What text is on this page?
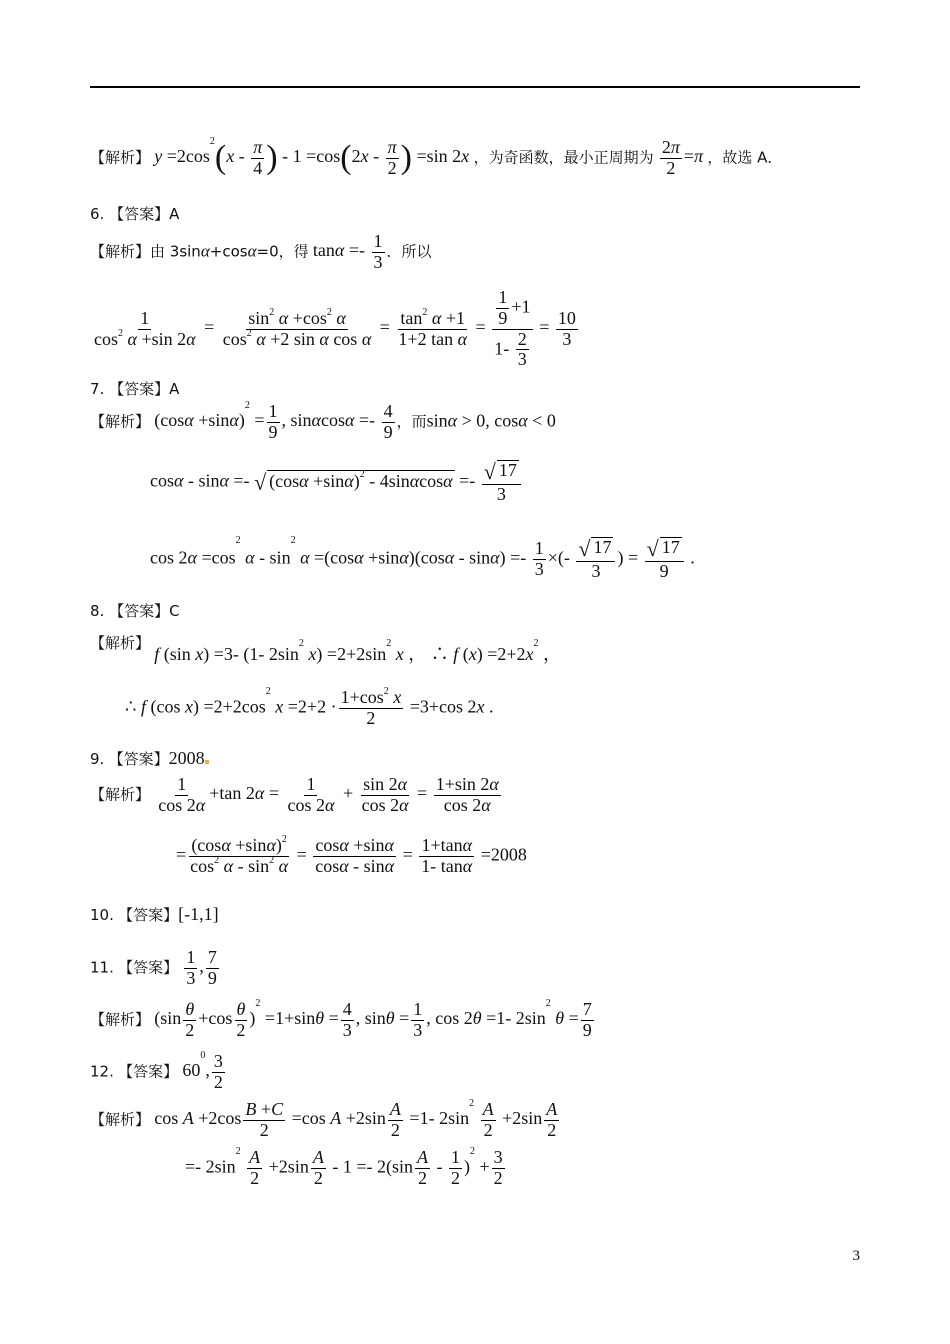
【解析】 $y =2\cos^2(x - \frac{\pi}{4}$ ) - $1 =\cos(2x - \frac{\pi}{2}$ ) =sin 2x ，为奇函数，最小正周期为 $\frac{2\pi}{2} =\pi$ ，故选 A．
6. 【答案】A
【解析】由 3sinα+cosα=0，得 $\tan\alpha =- \frac{1}{3}$ ．所以
$\frac{1}{\cos^2 \alpha +\sin 2\alpha} = \frac{\sin^2 \alpha +\cos^2 \alpha}{\cos^2 \alpha +2 \sin \alpha \cos \alpha} = \frac{\tan^2 \alpha +1}{\text{1+2 tan α}} = \frac{\frac{1}{9} +1}{1- \frac{2}{3}} = \frac{10}{3}$
7. 【答案】A
【解析】 $(\cos\alpha +\sin\alpha)^2 = \frac{1}{9}$ , $\sin\alpha\cos\alpha =- \frac{4}{9}$ ，而sinα > 0, cosα < 0
cosα - sinα =- √ $(\cos\alpha +\sin\alpha)^2 - 4\sin\alpha\cos\alpha =- \frac{√ 17}{3}$
$\cos 2\alpha =\cos^2$ $\alpha - \sin^2 \alpha =(\cos\alpha +\sin\alpha)(\cos\alpha - \sin\alpha) =- \frac{1}{3}$ ×(- $\frac{√ 17}{3}$ ) = $\frac{√ 17}{9}$ .
8. 【答案】C
【解析】 f (sin x) =3- (1- $2\sin^2$ $x) =2+2\sin^2$ x ， ∴ f $(x) =2+2x^2$ ，
∴ f (cos $x) =2+2\cos^2$ $x =2+2 \cdot \frac{1+\cos^2 x}{2} =3+\cos$ 2x .
9. 【答案】2008
【解析】 $\frac{1}{\cos 2\alpha} +\tan$ $2\alpha = \frac{1}{\cos 2\alpha} + \frac{\sin 2\alpha}{\cos 2\alpha} = \frac{1+\sin 2\alpha}{\cos 2\alpha}$
= $\frac{(\cos\alpha +\sin\alpha)^2}{\cos^2 \alpha - \sin^2 \alpha} = \frac{\cos\alpha +\sin\alpha}{\cos\alpha - \sin\alpha} = \frac{1+\tan\alpha}{1- \tan\alpha} =2008$
10. 【答案】[-1,1]
11. 【答案】 $\frac{1}{3}$ , $\frac{7}{9}$
【解析】 $(\sin \frac{\theta}{2} +\cos \frac{\theta}{2} )^2 =1+\sin\theta = \frac{4}{3}$ , $\sin\theta = \frac{1}{3}$ , cos 2θ =1- $2\sin^2$ $\theta = \frac{7}{9}$
12. 【答案】 $60^0$, $\frac{3}{2}$
【解析】 $\cos A +2\cos \frac{B +C}{2} =\cos$ $A +2\sin \frac{A}{2} =1-$ $2\sin^2 \frac{A}{2} +2\sin \frac{A}{2}$
=- $2\sin^2 \frac{A}{2} +2\sin \frac{A}{2} - 1 =- 2(\sin \frac{A}{2} - \frac{1}{2} )^2 + \frac{3}{2}$
3
